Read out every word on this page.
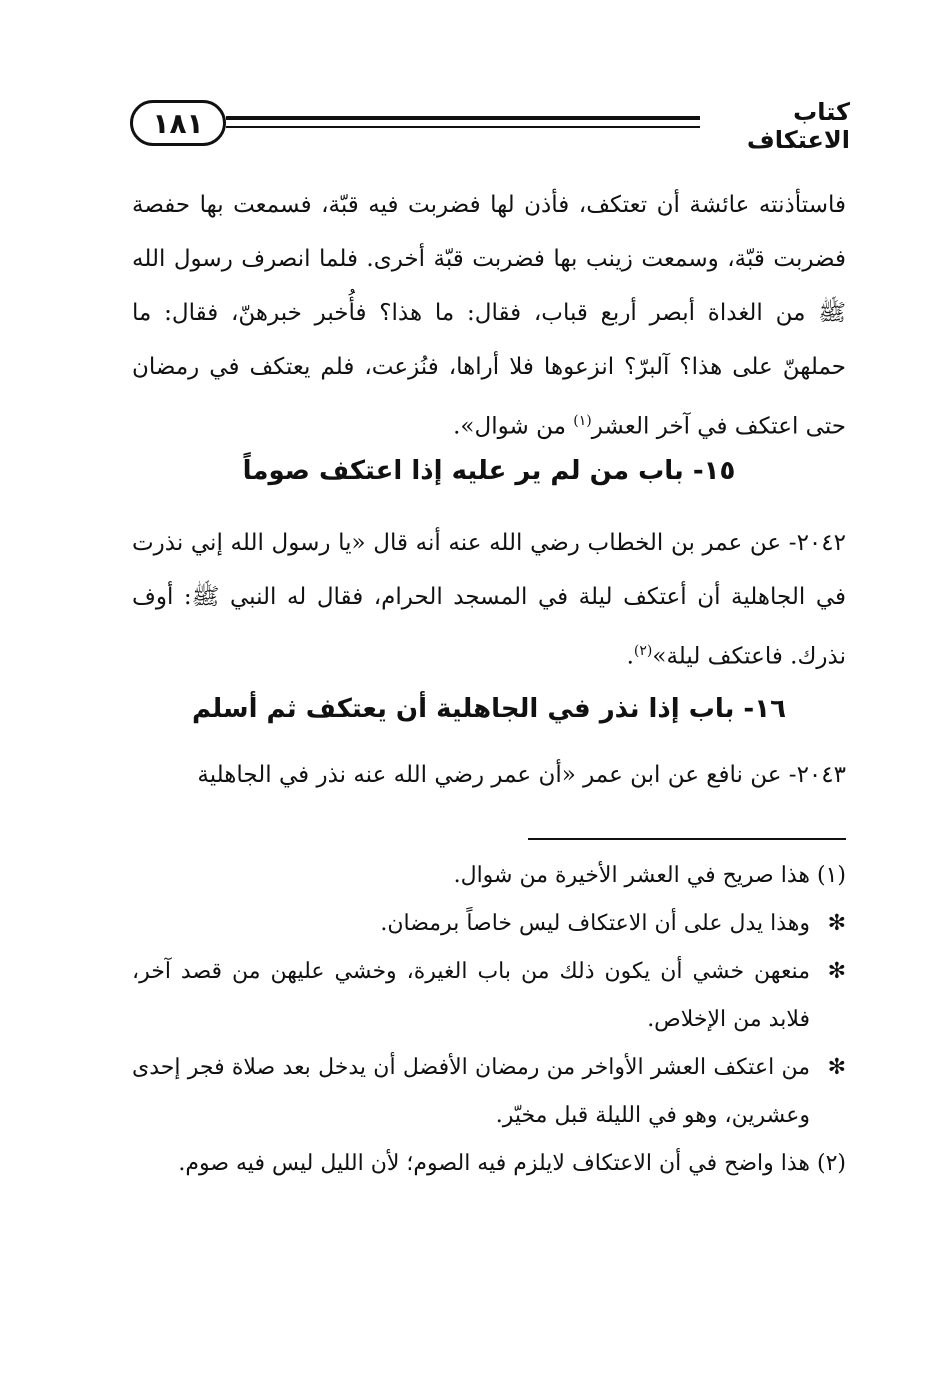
١٨١	كتاب الاعتكاف

فاستأذنته عائشة أن تعتكف، فأذن لها فضربت فيه قبّة، فسمعت بها حفصة فضربت قبّة، وسمعت زينب بها فضربت قبّة أخرى. فلما انصرف رسول الله ﷺ من الغداة أبصر أربع قباب، فقال: ما هذا؟ فأُخبر خبرهنّ، فقال: ما حملهنّ على هذا؟ آلبرّ؟ انزعوها فلا أراها، فنُزعت، فلم يعتكف في رمضان حتى اعتكف في آخر العشر$^{(١)}$ من شوال».

١٥- باب من لم ير عليه إذا اعتكف صوماً

٢٠٤٢- عن عمر بن الخطاب رضي الله عنه أنه قال «يا رسول الله إني نذرت في الجاهلية أن أعتكف ليلة في المسجد الحرام، فقال له النبي ﷺ: أوف نذرك. فاعتكف ليلة»$^{(٢)}$.

١٦- باب إذا نذر في الجاهلية أن يعتكف ثم أسلم

٢٠٤٣- عن نافع عن ابن عمر «أن عمر رضي الله عنه نذر في الجاهلية

(١) هذا صريح في العشر الأخيرة من شوال.

✻
وهذا يدل على أن الاعتكاف ليس خاصاً برمضان.

✻
منعهن خشي أن يكون ذلك من باب الغيرة، وخشي عليهن من قصد آخر، فلابد من الإخلاص.

✻
من اعتكف العشر الأواخر من رمضان الأفضل أن يدخل بعد صلاة فجر إحدى وعشرين، وهو في الليلة قبل مخيّر.

(٢) هذا واضح في أن الاعتكاف لايلزم فيه الصوم؛ لأن الليل ليس فيه صوم.
